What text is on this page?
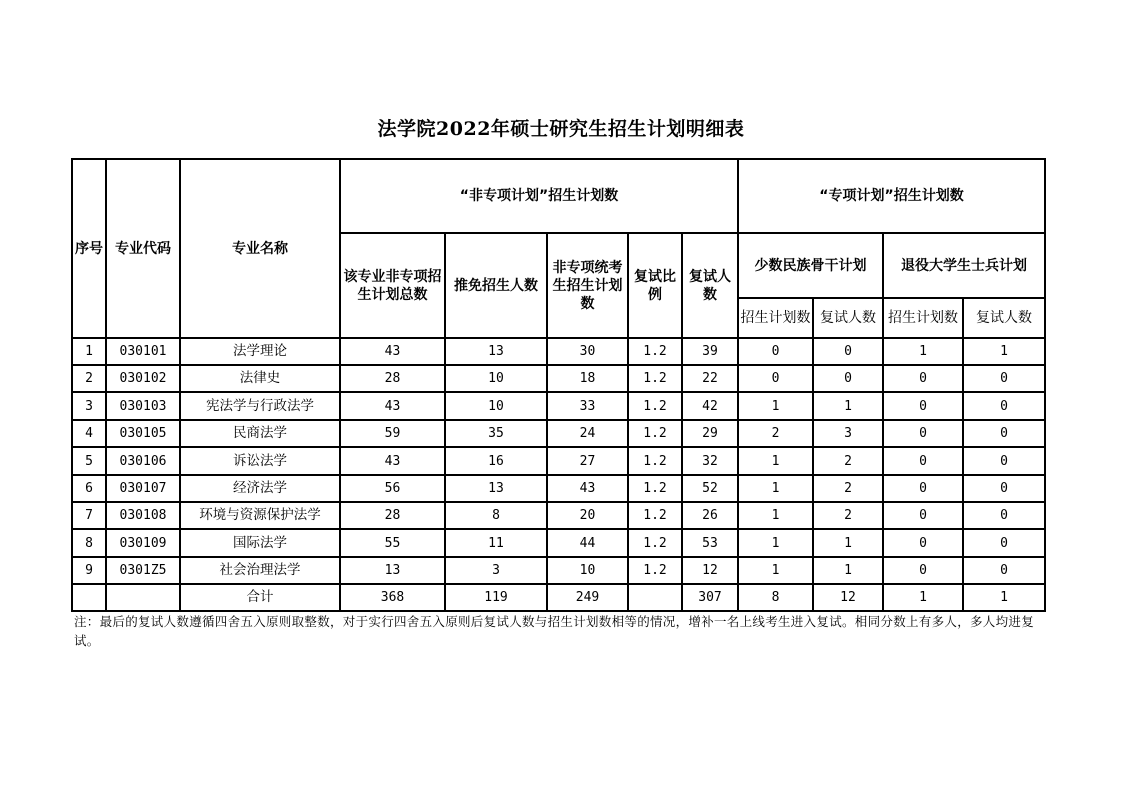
法学院2022年硕士研究生招生计划明细表
序号	专业代码	专业名称	“非专项计划”招生计划数					“专项计划”招生计划数			
			该专业非专项招生计划总数	推免招生人数	非专项统考生招生计划数	复试比例	复试人数	少数民族骨干计划		退役大学生士兵计划	
								招生计划数	复试人数	招生计划数	复试人数
1	030101	法学理论	43	13	30	1.2	39	0	0	1	1
2	030102	法律史	28	10	18	1.2	22	0	0	0	0
3	030103	宪法学与行政法学	43	10	33	1.2	42	1	1	0	0
4	030105	民商法学	59	35	24	1.2	29	2	3	0	0
5	030106	诉讼法学	43	16	27	1.2	32	1	2	0	0
6	030107	经济法学	56	13	43	1.2	52	1	2	0	0
7	030108	环境与资源保护法学	28	8	20	1.2	26	1	2	0	0
8	030109	国际法学	55	11	44	1.2	53	1	1	0	0
9	0301Z5	社会治理法学	13	3	10	1.2	12	1	1	0	0
		合计	368	119	249		307	8	12	1	1
注：最后的复试人数遵循四舍五入原则取整数，对于实行四舍五入原则后复试人数与招生计划数相等的情况，增补一名上线考生进入复试。相同分数上有多人，多人均进复试。
